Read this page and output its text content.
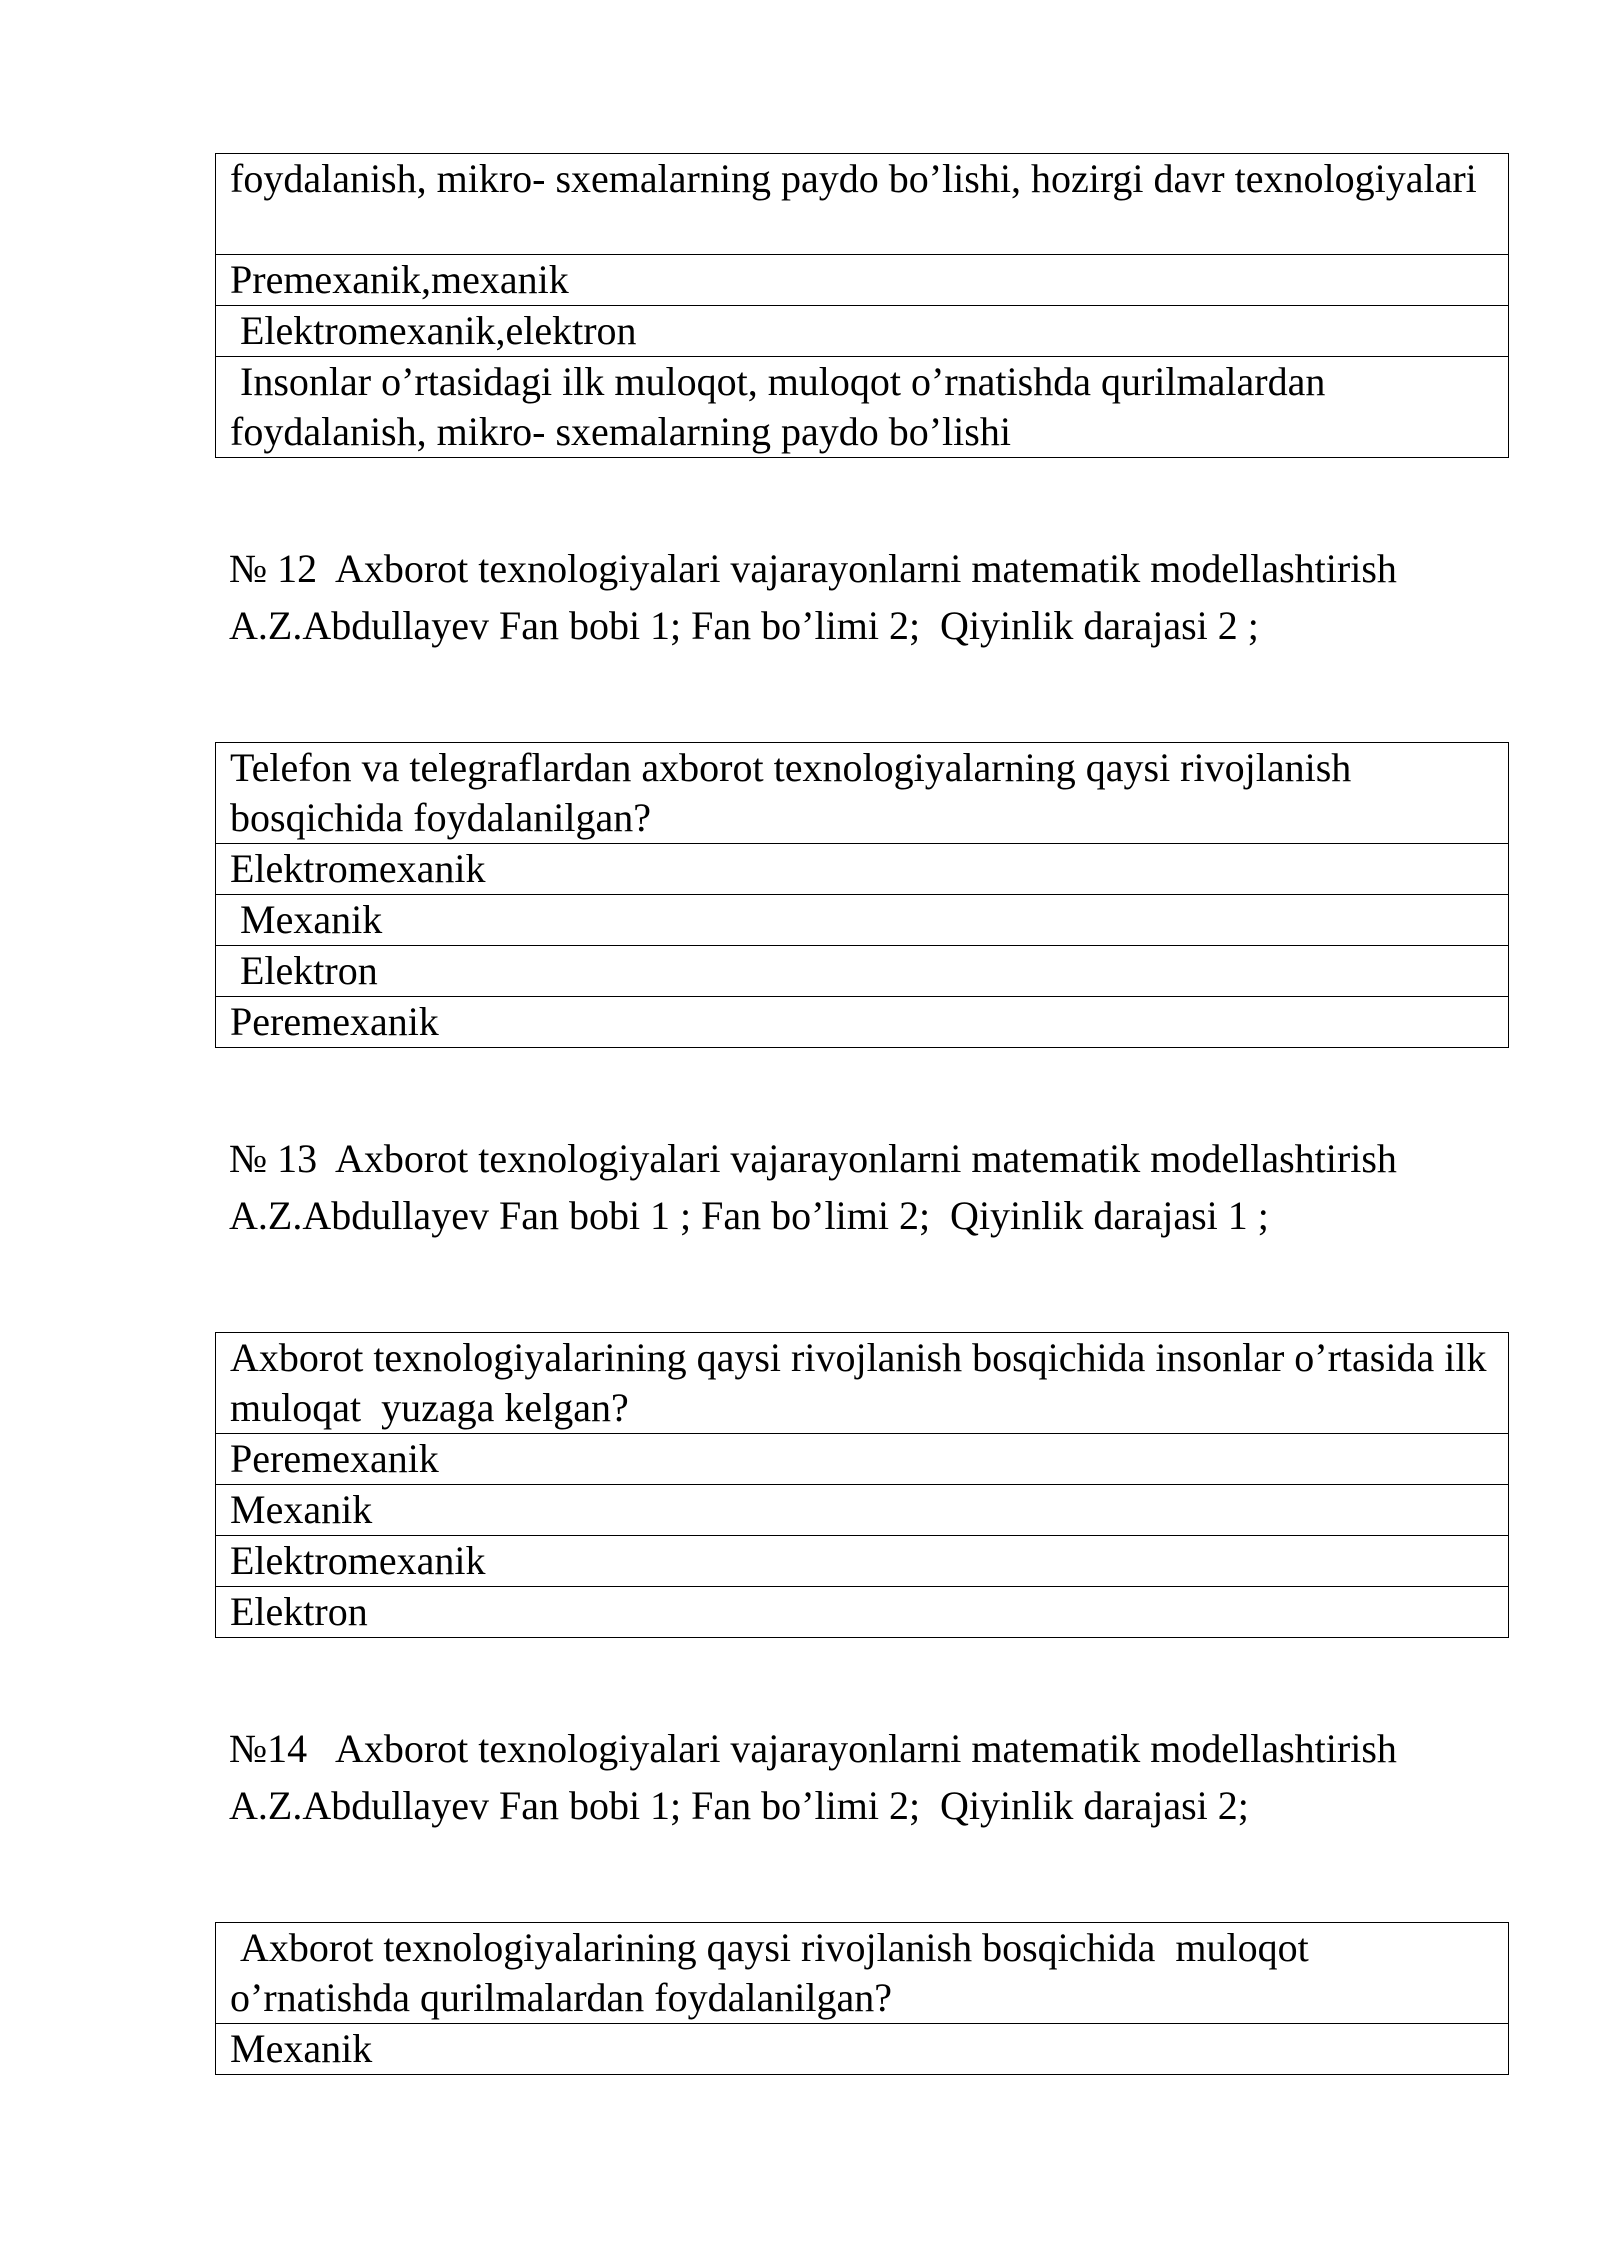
foydalanish, mikro- sxemalarning paydo bo’lishi, hozirgi davr texnologiyalari
Premexanik,mexanik
Elektromexanik,elektron
Insonlar o’rtasidagi ilk muloqot, muloqot o’rnatishda qurilmalardan foydalanish, mikro- sxemalarning paydo bo’lishi
№ 12  Axborot texnologiyalari vajarayonlarni matematik modellashtirish A.Z.Abdullayev Fan bobi 1; Fan bo’limi 2;  Qiyinlik darajasi 2 ;
Telefon va telegraflardan axborot texnologiyalarning qaysi rivojlanish bosqichida foydalanilgan?
Elektromexanik
Mexanik
Elektron
Peremexanik
№ 13  Axborot texnologiyalari vajarayonlarni matematik modellashtirish A.Z.Abdullayev Fan bobi 1 ; Fan bo’limi 2;  Qiyinlik darajasi 1 ;
Axborot texnologiyalarining qaysi rivojlanish bosqichida insonlar o’rtasida ilk muloqat  yuzaga kelgan?
Peremexanik
Mexanik
Elektromexanik
Elektron
№14   Axborot texnologiyalari vajarayonlarni matematik modellashtirish A.Z.Abdullayev Fan bobi 1; Fan bo’limi 2;  Qiyinlik darajasi 2;
Axborot texnologiyalarining qaysi rivojlanish bosqichida  muloqot o’rnatishda qurilmalardan foydalanilgan?
Mexanik
